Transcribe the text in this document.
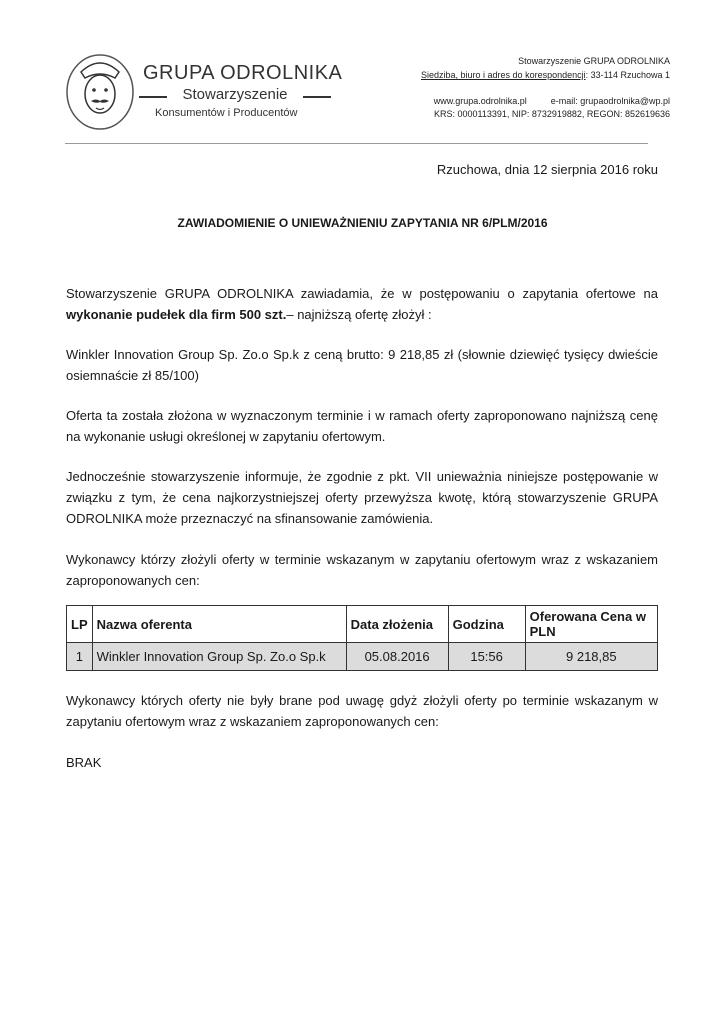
GRUPA ODROLNIKA
Stowarzyszenie
Konsumentów i Producentów
Stowarzyszenie GRUPA ODROLNIKA
Siedziba, biuro i adres do korespondencji: 33-114 Rzuchowa 1
www.grupa.odrolnika.pl	e-mail: grupaodrolnika@wp.pl
KRS: 0000113391, NIP: 8732919882, REGON: 852619636
Rzuchowa, dnia 12 sierpnia 2016 roku
ZAWIADOMIENIE O UNIEWAŻNIENIU ZAPYTANIA NR 6/PLM/2016
Stowarzyszenie GRUPA ODROLNIKA zawiadamia, że w postępowaniu o zapytania ofertowe na wykonanie pudełek dla firm 500 szt.– najniższą ofertę złożył :
Winkler Innovation Group Sp. Zo.o Sp.k z ceną brutto: 9 218,85 zł (słownie dziewięć tysięcy dwieście osiemnaście zł 85/100)
Oferta ta została złożona w wyznaczonym terminie i w ramach oferty zaproponowano najniższą cenę na wykonanie usługi określonej w zapytaniu ofertowym.
Jednocześnie stowarzyszenie informuje, że zgodnie z pkt. VII unieważnia niniejsze postępowanie w związku z tym, że cena najkorzystniejszej oferty przewyższa kwotę, którą stowarzyszenie GRUPA ODROLNIKA może przeznaczyć na sfinansowanie zamówienia.
Wykonawcy którzy złożyli oferty w terminie wskazanym w zapytaniu ofertowym wraz z wskazaniem zaproponowanych cen:
LP	Nazwa oferenta	Data złożenia	Godzina	Oferowana Cena w PLN
1	Winkler Innovation Group Sp. Zo.o Sp.k	05.08.2016	15:56	9 218,85
Wykonawcy których oferty nie były brane pod uwagę gdyż złożyli oferty po terminie wskazanym w zapytaniu ofertowym wraz z wskazaniem zaproponowanych cen:
BRAK
